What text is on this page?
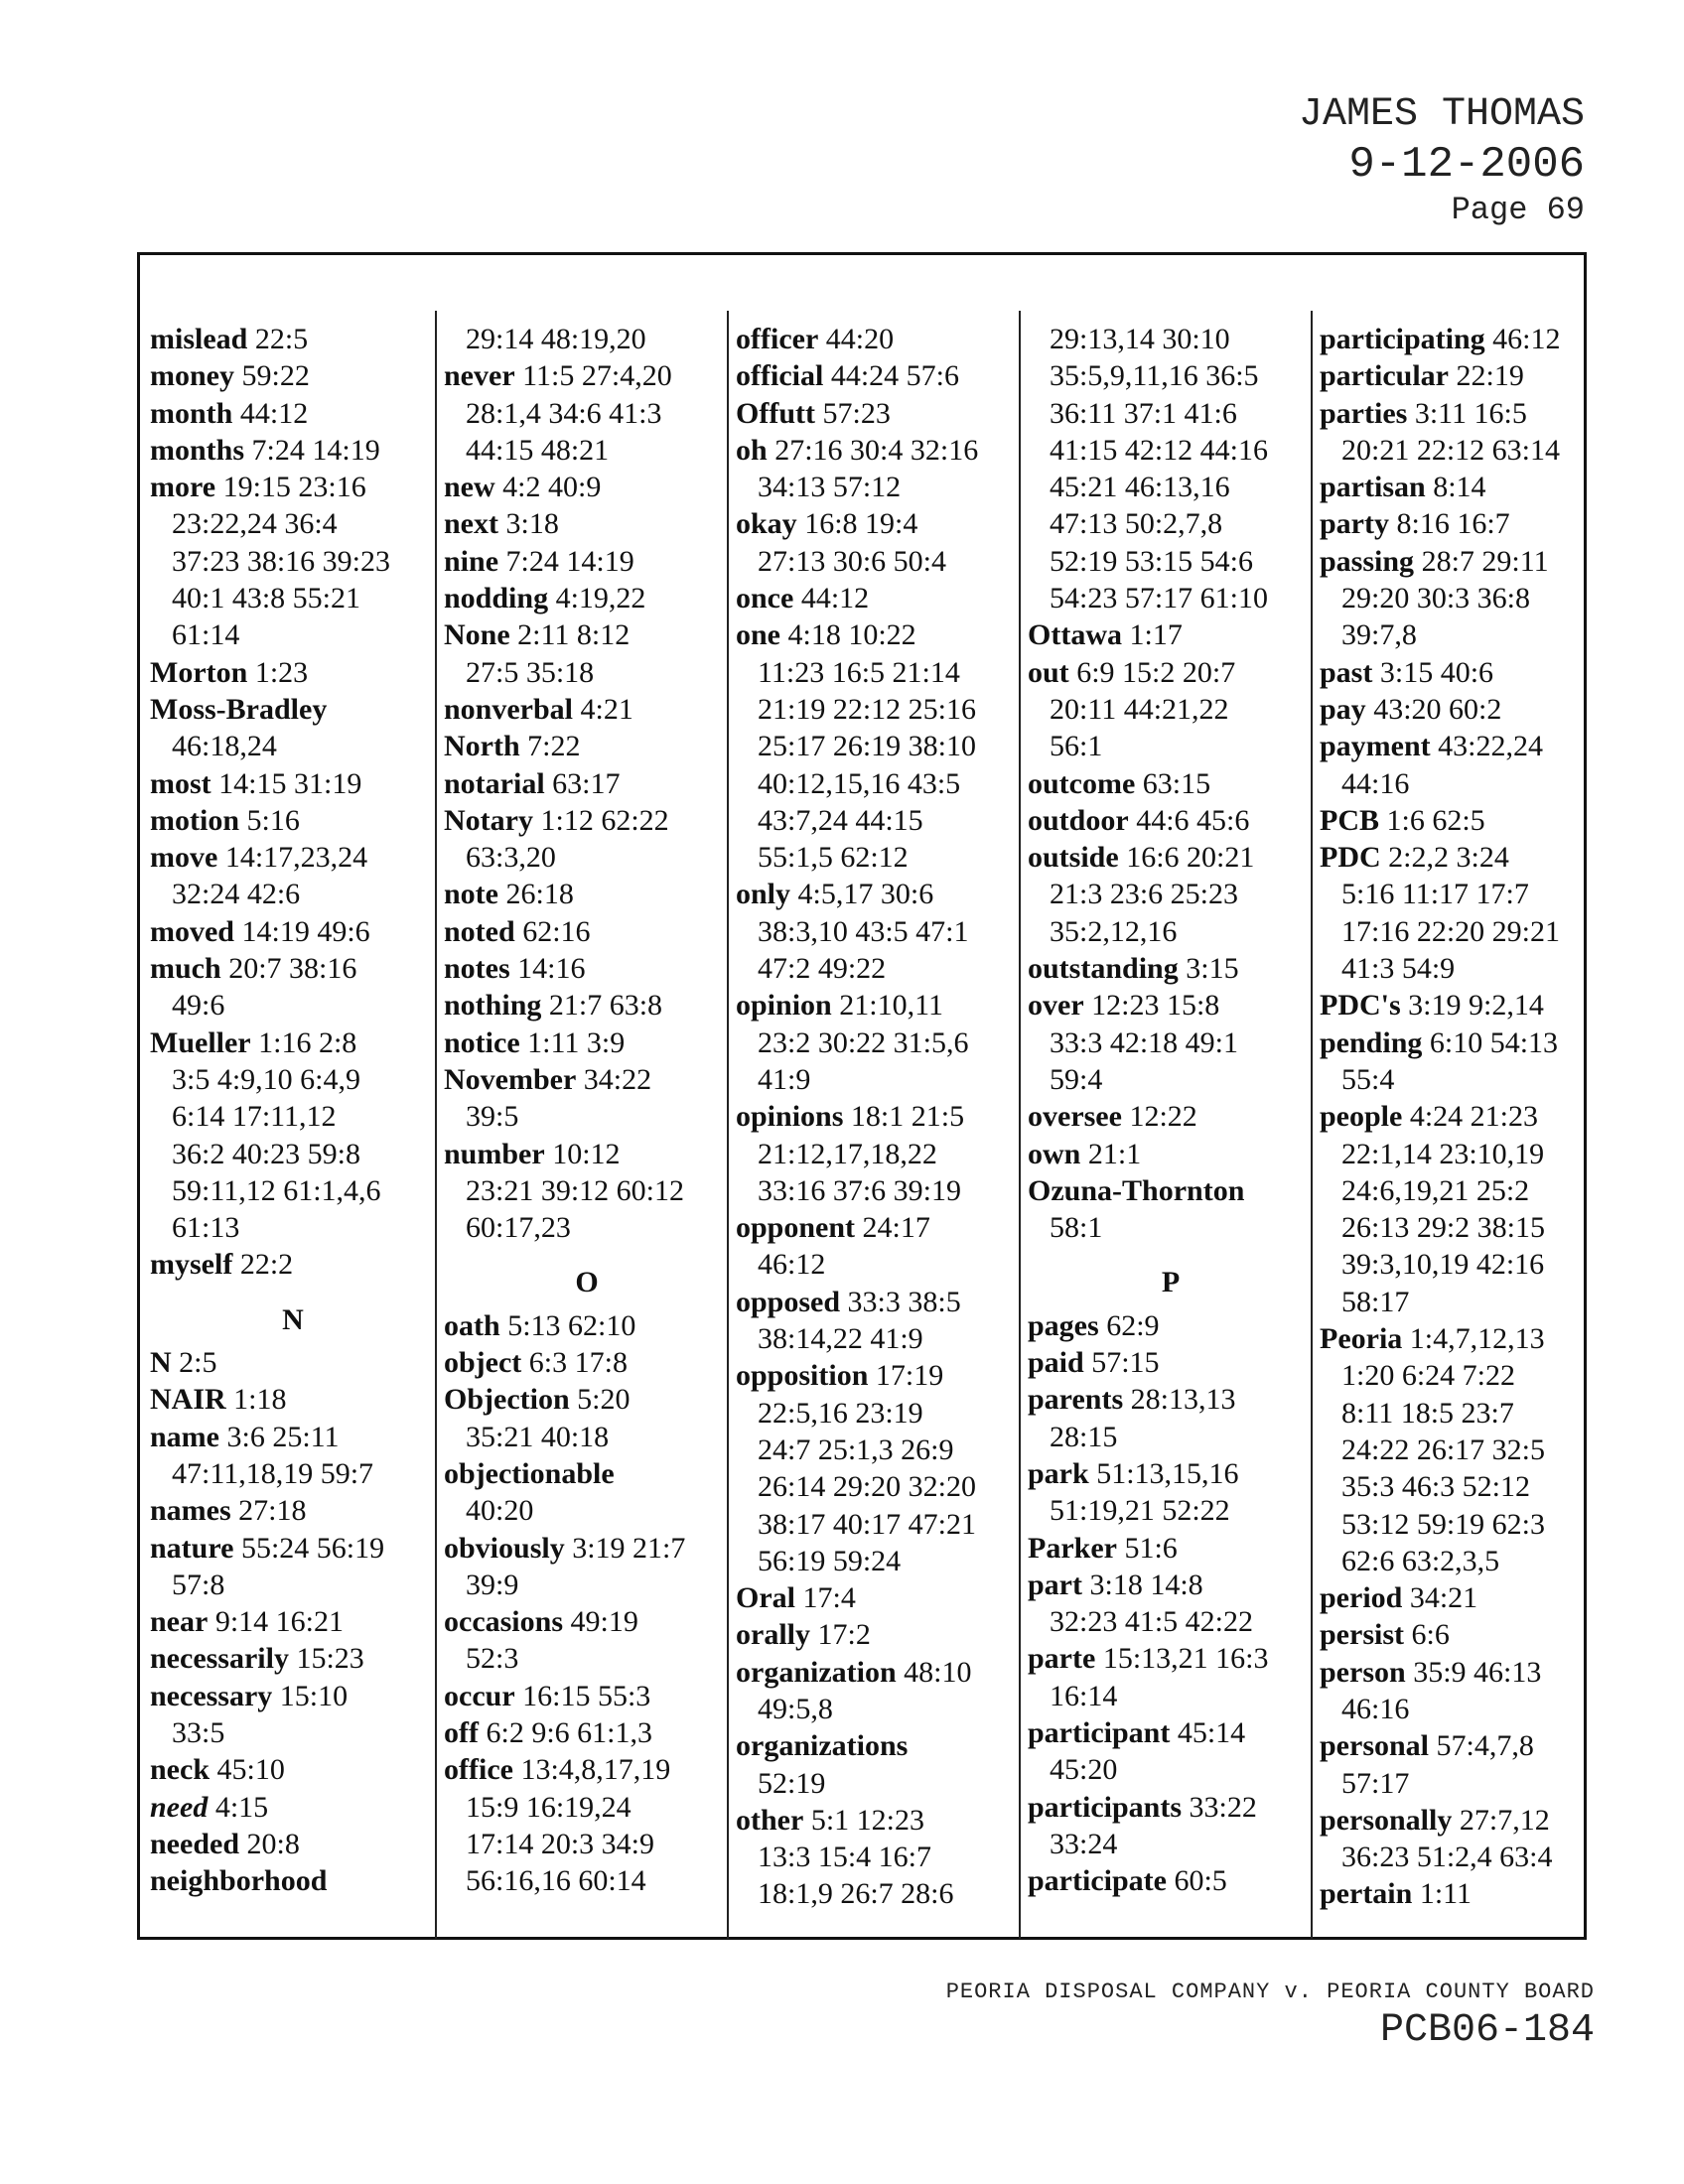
JAMES THOMAS
9-12-2006
Page 69
mislead 22:5
money 59:22
month 44:12
months 7:24 14:19
more 19:15 23:16
23:22,24 36:4
37:23 38:16 39:23
40:1 43:8 55:21
61:14
Morton 1:23
Moss-Bradley
46:18,24
most 14:15 31:19
motion 5:16
move 14:17,23,24
32:24 42:6
moved 14:19 49:6
much 20:7 38:16
49:6
Mueller 1:16 2:8
3:5 4:9,10 6:4,9
6:14 17:11,12
36:2 40:23 59:8
59:11,12 61:1,4,6
61:13
myself 22:2
N
N 2:5
NAIR 1:18
name 3:6 25:11
47:11,18,19 59:7
names 27:18
nature 55:24 56:19
57:8
near 9:14 16:21
necessarily 15:23
necessary 15:10
33:5
neck 45:10
need 4:15
needed 20:8
neighborhood
29:14 48:19,20
never 11:5 27:4,20
28:1,4 34:6 41:3
44:15 48:21
new 4:2 40:9
next 3:18
nine 7:24 14:19
nodding 4:19,22
None 2:11 8:12
27:5 35:18
nonverbal 4:21
North 7:22
notarial 63:17
Notary 1:12 62:22
63:3,20
note 26:18
noted 62:16
notes 14:16
nothing 21:7 63:8
notice 1:11 3:9
November 34:22
39:5
number 10:12
23:21 39:12 60:12
60:17,23
O
oath 5:13 62:10
object 6:3 17:8
Objection 5:20
35:21 40:18
objectionable
40:20
obviously 3:19 21:7
39:9
occasions 49:19
52:3
occur 16:15 55:3
off 6:2 9:6 61:1,3
office 13:4,8,17,19
15:9 16:19,24
17:14 20:3 34:9
56:16,16 60:14
officer 44:20
official 44:24 57:6
Offutt 57:23
oh 27:16 30:4 32:16
34:13 57:12
okay 16:8 19:4
27:13 30:6 50:4
once 44:12
one 4:18 10:22
11:23 16:5 21:14
21:19 22:12 25:16
25:17 26:19 38:10
40:12,15,16 43:5
43:7,24 44:15
55:1,5 62:12
only 4:5,17 30:6
38:3,10 43:5 47:1
47:2 49:22
opinion 21:10,11
23:2 30:22 31:5,6
41:9
opinions 18:1 21:5
21:12,17,18,22
33:16 37:6 39:19
opponent 24:17
46:12
opposed 33:3 38:5
38:14,22 41:9
opposition 17:19
22:5,16 23:19
24:7 25:1,3 26:9
26:14 29:20 32:20
38:17 40:17 47:21
56:19 59:24
Oral 17:4
orally 17:2
organization 48:10
49:5,8
organizations
52:19
other 5:1 12:23
13:3 15:4 16:7
18:1,9 26:7 28:6
29:13,14 30:10
35:5,9,11,16 36:5
36:11 37:1 41:6
41:15 42:12 44:16
45:21 46:13,16
47:13 50:2,7,8
52:19 53:15 54:6
54:23 57:17 61:10
Ottawa 1:17
out 6:9 15:2 20:7
20:11 44:21,22
56:1
outcome 63:15
outdoor 44:6 45:6
outside 16:6 20:21
21:3 23:6 25:23
35:2,12,16
outstanding 3:15
over 12:23 15:8
33:3 42:18 49:1
59:4
oversee 12:22
own 21:1
Ozuna-Thornton
58:1
P
pages 62:9
paid 57:15
parents 28:13,13
28:15
park 51:13,15,16
51:19,21 52:22
Parker 51:6
part 3:18 14:8
32:23 41:5 42:22
parte 15:13,21 16:3
16:14
participant 45:14
45:20
participants 33:22
33:24
participate 60:5
participating 46:12
particular 22:19
parties 3:11 16:5
20:21 22:12 63:14
partisan 8:14
party 8:16 16:7
passing 28:7 29:11
29:20 30:3 36:8
39:7,8
past 3:15 40:6
pay 43:20 60:2
payment 43:22,24
44:16
PCB 1:6 62:5
PDC 2:2,2 3:24
5:16 11:17 17:7
17:16 22:20 29:21
41:3 54:9
PDC's 3:19 9:2,14
pending 6:10 54:13
55:4
people 4:24 21:23
22:1,14 23:10,19
24:6,19,21 25:2
26:13 29:2 38:15
39:3,10,19 42:16
58:17
Peoria 1:4,7,12,13
1:20 6:24 7:22
8:11 18:5 23:7
24:22 26:17 32:5
35:3 46:3 52:12
53:12 59:19 62:3
62:6 63:2,3,5
period 34:21
persist 6:6
person 35:9 46:13
46:16
personal 57:4,7,8
57:17
personally 27:7,12
36:23 51:2,4 63:4
pertain 1:11
PEORIA DISPOSAL COMPANY v. PEORIA COUNTY BOARD
PCB06-184
